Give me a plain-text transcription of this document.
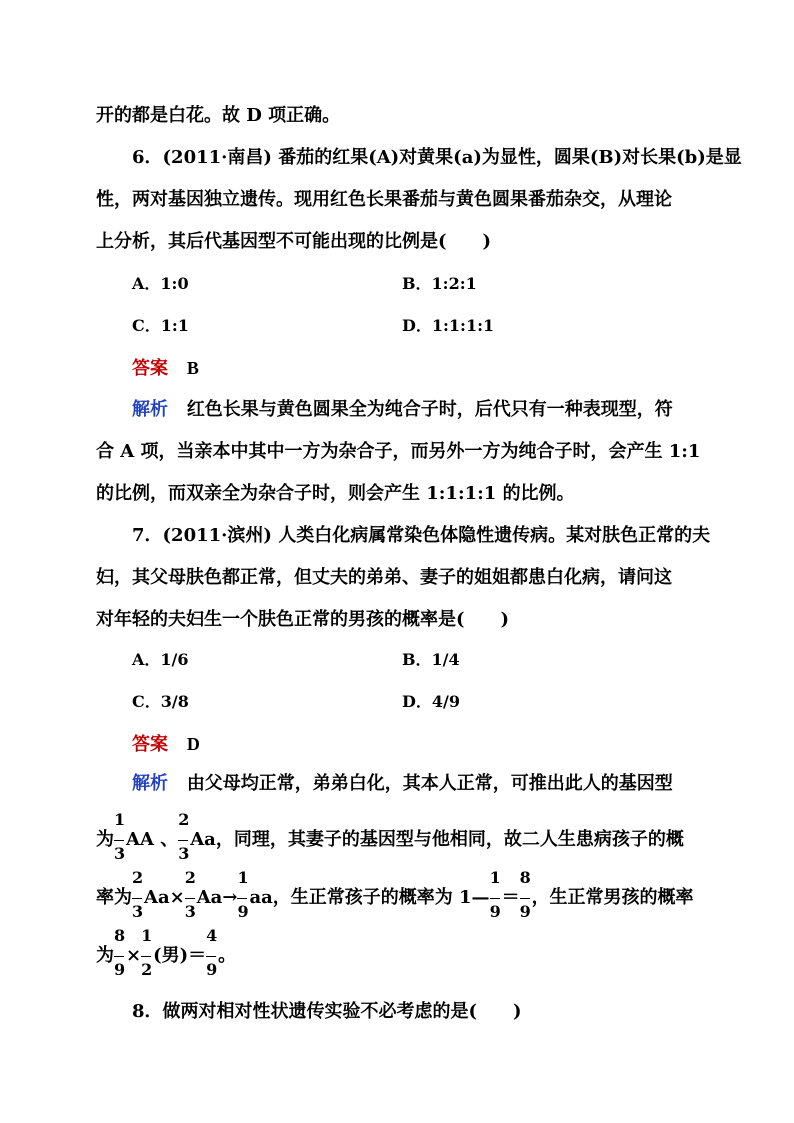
开的都是白花。故 D 项正确。
6．(2011·南昌) 番茄的红果(A)对黄果(a)为显性，圆果(B)对长果(b)是显
性，两对基因独立遗传。现用红色长果番茄与黄色圆果番茄杂交，从理论
上分析，其后代基因型不可能出现的比例是(　　)
A．1:0	B．1:2:1
C．1:1	D．1:1:1:1
答案 B
解析 红色长果与黄色圆果全为纯合子时，后代只有一种表现型，符
合 A 项，当亲本中其中一方为杂合子，而另外一方为纯合子时，会产生 1:1
的比例，而双亲全为杂合子时，则会产生 1:1:1:1 的比例。
7．(2011·滨州) 人类白化病属常染色体隐性遗传病。某对肤色正常的夫
妇，其父母肤色都正常，但丈夫的弟弟、妻子的姐姐都患白化病，请问这
对年轻的夫妇生一个肤色正常的男孩的概率是(　　)
A．1/6	B．1/4
C．3/8	D．4/9
答案 D
解析 由父母均正常，弟弟白化，其本人正常，可推出此人的基因型
为 $\frac{1}{3}$ AA 、 $\frac{2}{3}$ Aa，同理，其妻子的基因型与他相同，故二人生患病孩子的概
率为 $\frac{2}{3} Aa\times \frac{2}{3} Aa\to \frac{1}{9}$ aa，生正常孩子的概率为 1— $\frac{1}{9} = \frac{8}{9}$ ，生正常男孩的概率
为 $\frac{8}{9} \times \frac{1}{2}$ (男)＝ $\frac{4}{9}$ 。
8．做两对相对性状遗传实验不必考虑的是(　　)
